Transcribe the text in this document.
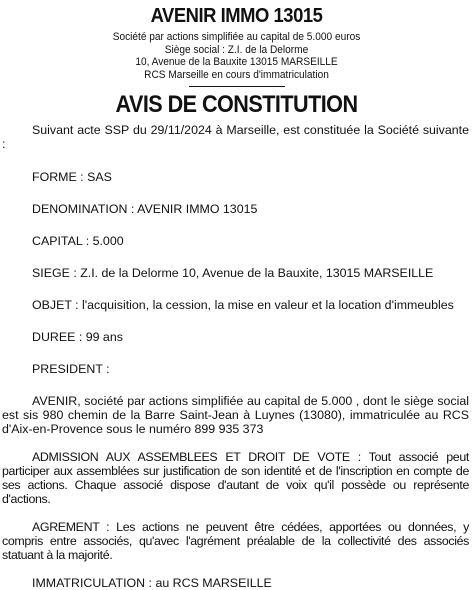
AVENIR IMMO 13015
Société par actions simplifiée au capital de 5.000 euros
Siège social : Z.I. de la Delorme
10, Avenue de la Bauxite 13015 MARSEILLE
RCS Marseille en cours d'immatriculation
AVIS DE CONSTITUTION

Suivant acte SSP du 29/11/2024 à Marseille, est constituée la Société suivante :

FORME : SAS

DENOMINATION : AVENIR IMMO 13015

CAPITAL : 5.000

SIEGE : Z.I. de la Delorme 10, Avenue de la Bauxite, 13015 MARSEILLE

OBJET : l'acquisition, la cession, la mise en valeur et la location d'immeubles

DUREE : 99 ans

PRESIDENT :

AVENIR, société par actions simplifiée au capital de 5.000 , dont le siège social est sis 980 chemin de la Barre Saint-Jean à Luynes (13080), immatriculée au RCS d'Aix-en-Provence sous le numéro 899 935 373

ADMISSION AUX ASSEMBLEES ET DROIT DE VOTE : Tout associé peut participer aux assemblées sur justification de son identité et de l'inscription en compte de ses actions. Chaque associé dispose d'autant de voix qu'il possède ou représente d'actions.

AGREMENT : Les actions ne peuvent être cédées, apportées ou données, y compris entre associés, qu'avec l'agrément préalable de la collectivité des associés statuant à la majorité.

IMMATRICULATION : au RCS MARSEILLE
